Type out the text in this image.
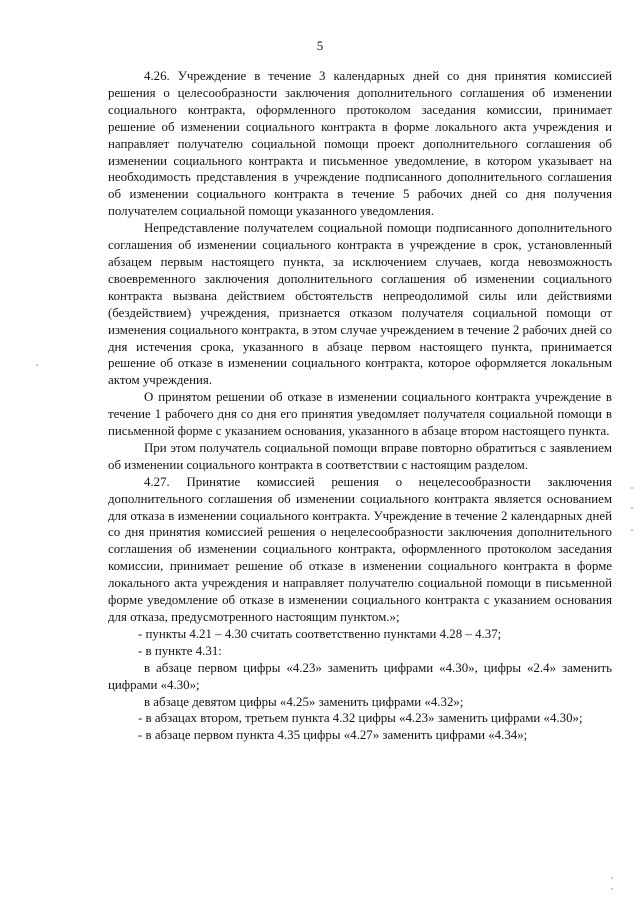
5

4.26. Учреждение в течение 3 календарных дней со дня принятия комиссией решения о целесообразности заключения дополнительного соглашения об изменении социального контракта, оформленного протоколом заседания комиссии, принимает решение об изменении социального контракта в форме локального акта учреждения и направляет получателю социальной помощи проект дополнительного соглашения об изменении социального контракта и письменное уведомление, в котором указывает на необходимость представления в учреждение подписанного дополнительного соглашения об изменении социального контракта в течение 5 рабочих дней со дня получения получателем социальной помощи указанного уведомления.

Непредставление получателем социальной помощи подписанного дополнительного соглашения об изменении социального контракта в учреждение в срок, установленный абзацем первым настоящего пункта, за исключением случаев, когда невозможность своевременного заключения дополнительного соглашения об изменении социального контракта вызвана действием обстоятельств непреодолимой силы или действиями (бездействием) учреждения, признается отказом получателя социальной помощи от изменения социального контракта, в этом случае учреждением в течение 2 рабочих дней со дня истечения срока, указанного в абзаце первом настоящего пункта, принимается решение об отказе в изменении социального контракта, которое оформляется локальным актом учреждения.

О принятом решении об отказе в изменении социального контракта учреждение в течение 1 рабочего дня со дня его принятия уведомляет получателя социальной помощи в письменной форме с указанием основания, указанного в абзаце втором настоящего пункта.

При этом получатель социальной помощи вправе повторно обратиться с заявлением об изменении социального контракта в соответствии с настоящим разделом.

4.27. Принятие комиссией решения о нецелесообразности заключения дополнительного соглашения об изменении социального контракта является основанием для отказа в изменении социального контракта. Учреждение в течение 2 календарных дней со дня принятия комиссией решения о нецелесообразности заключения дополнительного соглашения об изменении социального контракта, оформленного протоколом заседания комиссии, принимает решение об отказе в изменении социального контракта в форме локального акта учреждения и направляет получателю социальной помощи в письменной форме уведомление об отказе в изменении социального контракта с указанием основания для отказа, предусмотренного настоящим пунктом.»;

- пункты 4.21 – 4.30 считать соответственно пунктами 4.28 – 4.37;

- в пункте 4.31:

в абзаце первом цифры «4.23» заменить цифрами «4.30», цифры «2.4» заменить цифрами «4.30»;

в абзаце девятом цифры «4.25» заменить цифрами «4.32»;

- в абзацах втором, третьем пункта 4.32 цифры «4.23» заменить цифрами «4.30»;

- в абзаце первом пункта 4.35 цифры «4.27» заменить цифрами «4.34»;
